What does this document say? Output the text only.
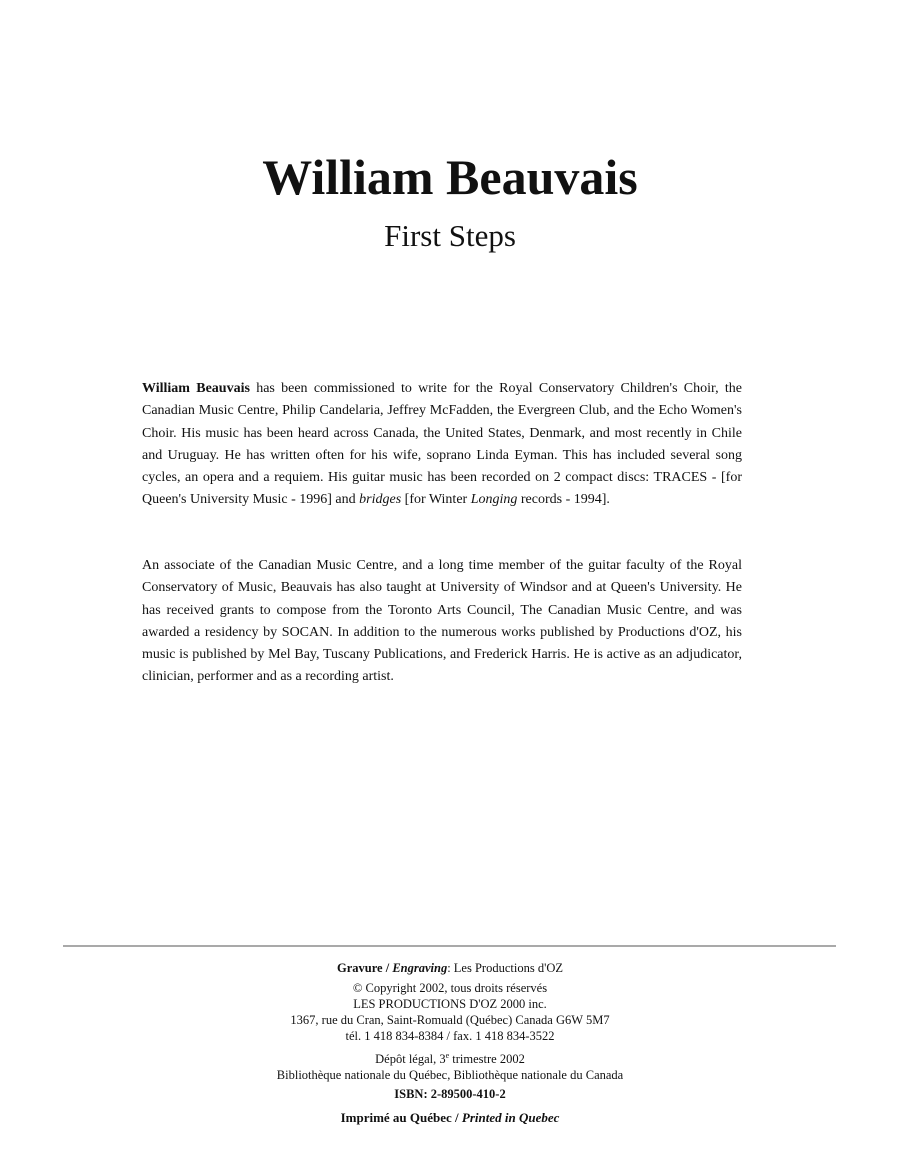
William Beauvais
First Steps

William Beauvais has been commissioned to write for the Royal Conservatory Children's Choir, the Canadian Music Centre, Philip Candelaria, Jeffrey McFadden, the Evergreen Club, and the Echo Women's Choir. His music has been heard across Canada, the United States, Denmark, and most recently in Chile and Uruguay. He has written often for his wife, soprano Linda Eyman. This has included several song cycles, an opera and a requiem. His guitar music has been recorded on 2 compact discs: TRACES - [for Queen's University Music - 1996] and bridges [for Winter Longing records - 1994].

An associate of the Canadian Music Centre, and a long time member of the guitar faculty of the Royal Conservatory of Music, Beauvais has also taught at University of Windsor and at Queen's University. He has received grants to compose from the Toronto Arts Council, The Canadian Music Centre, and was awarded a residency by SOCAN. In addition to the numerous works published by Productions d'OZ, his music is published by Mel Bay, Tuscany Publications, and Frederick Harris. He is active as an adjudicator, clinician, performer and as a recording artist.

Gravure / Engraving: Les Productions d'OZ
© Copyright 2002, tous droits réservés
LES PRODUCTIONS D'OZ 2000 inc.
1367, rue du Cran, Saint-Romuald (Québec) Canada G6W 5M7
tél. 1 418 834-8384 / fax. 1 418 834-3522
Dépôt légal, 3e trimestre 2002
Bibliothèque nationale du Québec, Bibliothèque nationale du Canada
ISBN: 2-89500-410-2
Imprimé au Québec / Printed in Quebec
